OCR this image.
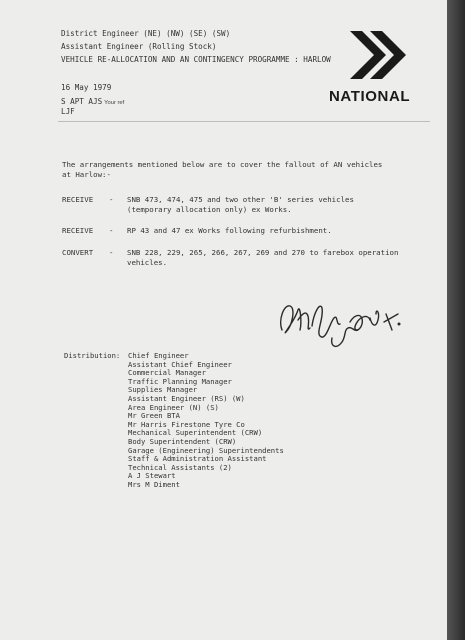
District Engineer (NE) (NW) (SE) (SW)
Assistant Engineer (Rolling Stock)
VEHICLE RE-ALLOCATION AND AN CONTINGENCY PROGRAMME : HARLOW
16 May 1979
S APT AJS Your ref
LJF
NATIONAL
The arrangements mentioned below are to cover the fallout of AN vehicles
at Harlow:-
RECEIVE - SNB 473, 474, 475 and two other 'B' series vehicles
(temporary allocation only) ex Works.
RECEIVE - RP 43 and 47 ex Works following refurbishment.
CONVERT - SNB 228, 229, 265, 266, 267, 269 and 270 to farebox operation
vehicles.
Distribution: Chief Engineer
Assistant Chief Engineer
Commercial Manager
Traffic Planning Manager
Supplies Manager
Assistant Engineer (RS) (W)
Area Engineer (N) (S)
Mr Green BTA
Mr Harris Firestone Tyre Co
Mechanical Superintendent (CRW)
Body Superintendent (CRW)
Garage (Engineering) Superintendents
Staff & Administration Assistant
Technical Assistants (2)
A J Stewart
Mrs M Diment
